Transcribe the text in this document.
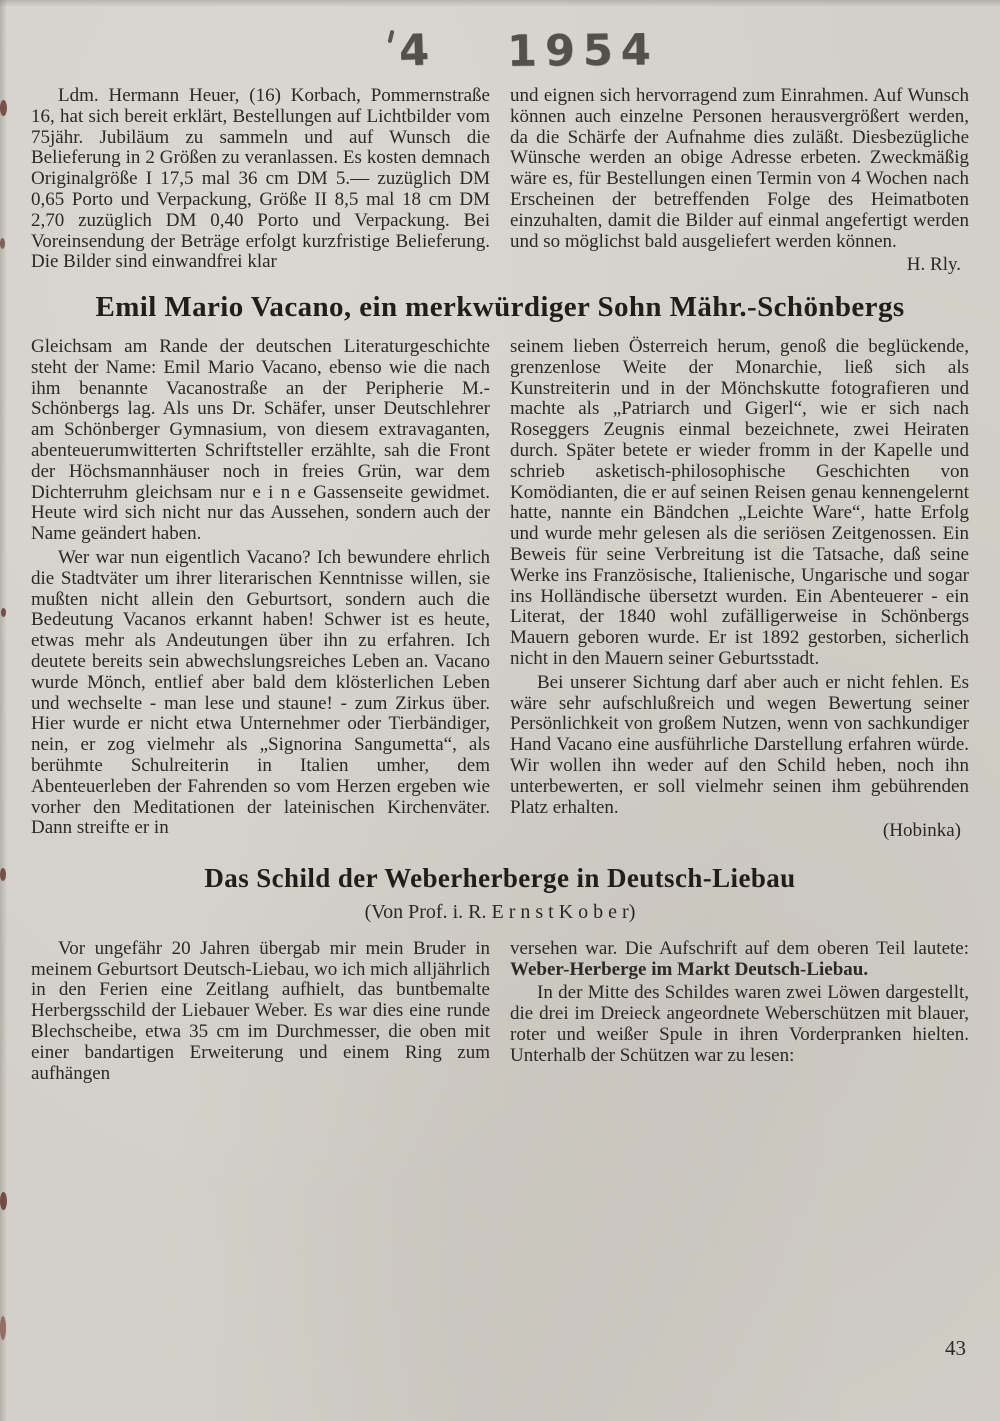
4 1954

Ldm. Hermann Heuer, (16) Korbach, Pommernstraße 16, hat sich bereit erklärt, Bestellungen auf Lichtbilder vom 75jähr. Jubiläum zu sammeln und auf Wunsch die Belieferung in 2 Größen zu veranlassen. Es kosten demnach Originalgröße I 17,5 mal 36 cm DM 5.— zuzüglich DM 0,65 Porto und Verpackung, Größe II 8,5 mal 18 cm DM 2,70 zuzüglich DM 0,40 Porto und Verpackung. Bei Voreinsendung der Beträge erfolgt kurzfristige Belieferung. Die Bilder sind einwandfrei klar

und eignen sich hervorragend zum Einrahmen. Auf Wunsch können auch einzelne Personen herausvergrößert werden, da die Schärfe der Aufnahme dies zuläßt. Diesbezügliche Wünsche werden an obige Adresse erbeten. Zweckmäßig wäre es, für Bestellungen einen Termin von 4 Wochen nach Erscheinen der betreffenden Folge des Heimatboten einzuhalten, damit die Bilder auf einmal angefertigt werden und so möglichst bald ausgeliefert werden können.

H. Rly.

Emil Mario Vacano, ein merkwürdiger Sohn Mähr.-Schönbergs

Gleichsam am Rande der deutschen Literaturgeschichte steht der Name: Emil Mario Vacano, ebenso wie die nach ihm benannte Vacanostraße an der Peripherie M.-Schönbergs lag. Als uns Dr. Schäfer, unser Deutschlehrer am Schönberger Gymnasium, von diesem extravaganten, abenteuerumwitterten Schriftsteller erzählte, sah die Front der Höchsmannhäuser noch in freies Grün, war dem Dichterruhm gleichsam nur e i n e Gassenseite gewidmet. Heute wird sich nicht nur das Aussehen, sondern auch der Name geändert haben.

Wer war nun eigentlich Vacano? Ich bewundere ehrlich die Stadtväter um ihrer literarischen Kenntnisse willen, sie mußten nicht allein den Geburtsort, sondern auch die Bedeutung Vacanos erkannt haben! Schwer ist es heute, etwas mehr als Andeutungen über ihn zu erfahren. Ich deutete bereits sein abwechslungsreiches Leben an. Vacano wurde Mönch, entlief aber bald dem klösterlichen Leben und wechselte - man lese und staune! - zum Zirkus über. Hier wurde er nicht etwa Unternehmer oder Tierbändiger, nein, er zog vielmehr als „Signorina Sangumetta“, als berühmte Schulreiterin in Italien umher, dem Abenteuerleben der Fahrenden so vom Herzen ergeben wie vorher den Meditationen der lateinischen Kirchenväter. Dann streifte er in

seinem lieben Österreich herum, genoß die beglückende, grenzenlose Weite der Monarchie, ließ sich als Kunstreiterin und in der Mönchskutte fotografieren und machte als „Patriarch und Gigerl“, wie er sich nach Roseggers Zeugnis einmal bezeichnete, zwei Heiraten durch. Später betete er wieder fromm in der Kapelle und schrieb asketisch-philosophische Geschichten von Komödianten, die er auf seinen Reisen genau kennengelernt hatte, nannte ein Bändchen „Leichte Ware“, hatte Erfolg und wurde mehr gelesen als die seriösen Zeitgenossen. Ein Beweis für seine Verbreitung ist die Tatsache, daß seine Werke ins Französische, Italienische, Ungarische und sogar ins Holländische übersetzt wurden. Ein Abenteuerer - ein Literat, der 1840 wohl zufälligerweise in Schönbergs Mauern geboren wurde. Er ist 1892 gestorben, sicherlich nicht in den Mauern seiner Geburtsstadt.

Bei unserer Sichtung darf aber auch er nicht fehlen. Es wäre sehr aufschlußreich und wegen Bewertung seiner Persönlichkeit von großem Nutzen, wenn von sachkundiger Hand Vacano eine ausführliche Darstellung erfahren würde. Wir wollen ihn weder auf den Schild heben, noch ihn unterbewerten, er soll vielmehr seinen ihm gebührenden Platz erhalten.

(Hobinka)

Das Schild der Weberherberge in Deutsch-Liebau
(Von Prof. i. R. E r n s t K o b e r)

Vor ungefähr 20 Jahren übergab mir mein Bruder in meinem Geburtsort Deutsch-Liebau, wo ich mich alljährlich in den Ferien eine Zeitlang aufhielt, das buntbemalte Herbergsschild der Liebauer Weber. Es war dies eine runde Blechscheibe, etwa 35 cm im Durchmesser, die oben mit einer bandartigen Erweiterung und einem Ring zum aufhängen

versehen war. Die Aufschrift auf dem oberen Teil lautete: Weber-Herberge im Markt Deutsch-Liebau.

In der Mitte des Schildes waren zwei Löwen dargestellt, die drei im Dreieck angeordnete Weberschützen mit blauer, roter und weißer Spule in ihren Vorderpranken hielten. Unterhalb der Schützen war zu lesen:

43
